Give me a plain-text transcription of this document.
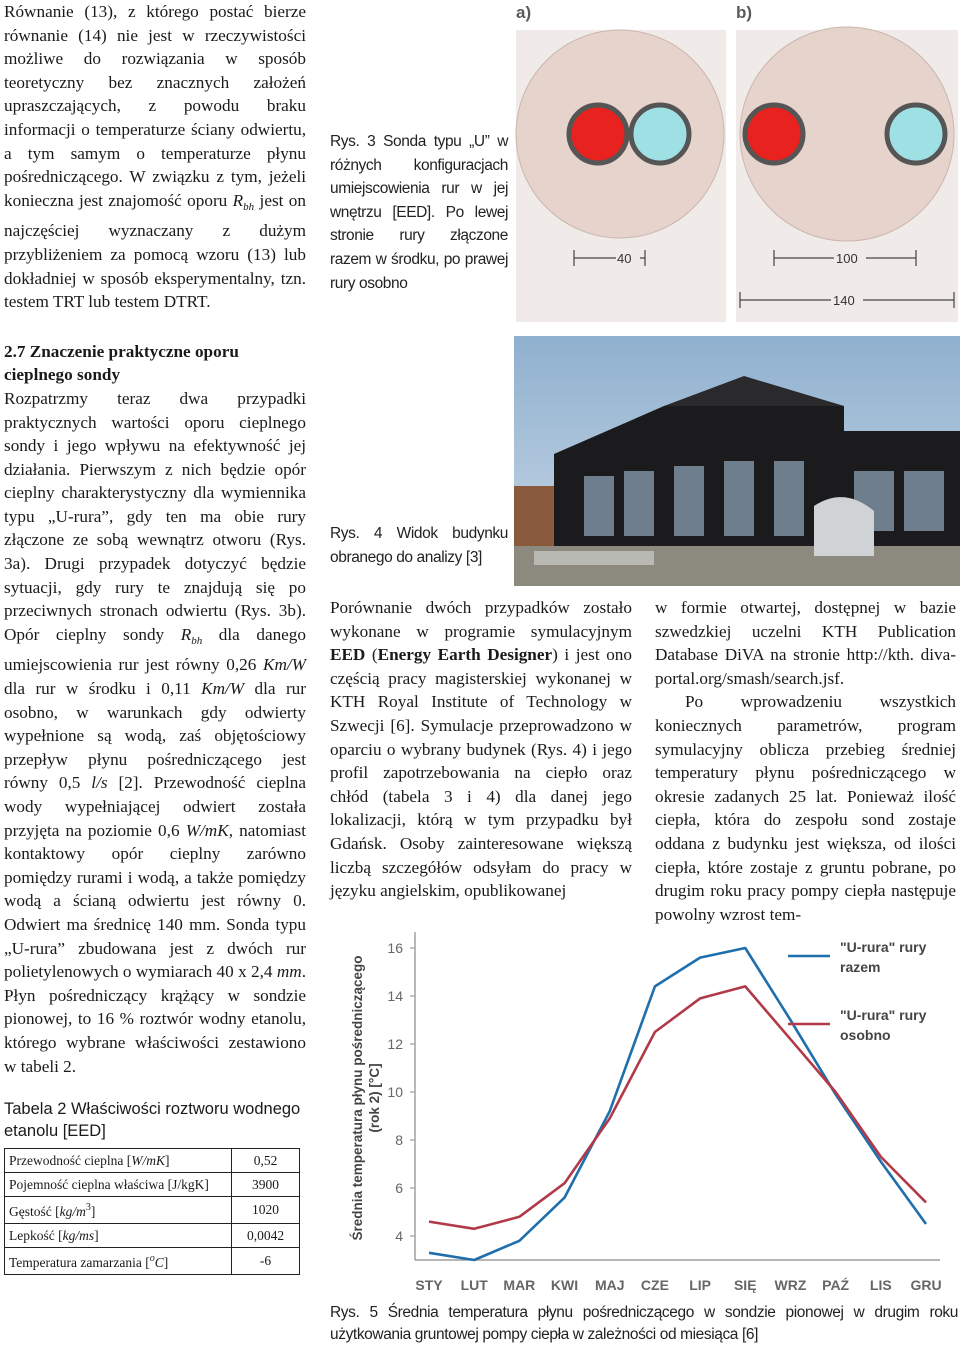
Równanie (13), z którego postać bierze równanie (14) nie jest w rzeczywistości możliwe do rozwiązania w sposób teoretyczny bez znacznych założeń upraszczających, z powodu braku informacji o temperaturze ściany odwiertu, a tym samym o temperaturze płynu pośredniczącego. W związku z tym, jeżeli konieczna jest znajomość oporu $R_{bh}$ jest on najczęściej wyznaczany z dużym przybliżeniem za pomocą wzoru (13) lub dokładniej w sposób eksperymentalny, tzn. testem TRT lub testem DTRT.
2.7 Znaczenie praktyczne oporu cieplnego sondy
Rozpatrzmy teraz dwa przypadki praktycznych wartości oporu cieplnego sondy i jego wpływu na efektywność jej działania. Pierwszym z nich będzie opór cieplny charakterystyczny dla wymiennika typu „U-rura”, gdy ten ma obie rury złączone ze sobą wewnątrz otworu (Rys. 3a). Drugi przypadek dotyczyć będzie sytuacji, gdy rury te znajdują się po przeciwnych stronach odwiertu (Rys. 3b). Opór cieplny sondy $R_{bh}$ dla danego umiejscowienia rur jest równy 0,26 Km/W dla rur w środku i 0,11 Km/W dla rur osobno, w warunkach gdy odwierty wypełnione są wodą, zaś objętościowy przepływ płynu pośredniczącego jest równy 0,5 l/s [2]. Przewodność cieplna wody wypełniającej odwiert została przyjęta na poziomie 0,6 W/mK, natomiast kontaktowy opór cieplny zarówno pomiędzy rurami i wodą, a także pomiędzy wodą a ścianą odwiertu jest równy 0. Odwiert ma średnicę 140 mm. Sonda typu „U-rura” zbudowana jest z dwóch rur polietylenowych o wymiarach 40 x 2,4 mm. Płyn pośredniczący krążący w sondzie pionowej, to 16 % roztwór wodny etanolu, którego wybrane właściwości zestawiono w tabeli 2.
Tabela 2 Właściwości roztworu wodnego etanolu [EED]
Przewodność cieplna [W/mK]	0,52
Pojemność cieplna właściwa [J/kgK]	3900
Gęstość $[kg/m^3]$	1020
Lepkość [kg/ms]	0,0042
Temperatura zamarzania [$^o$C]	-6
Rys. 3 Sonda typu „U” w różnych konfiguracjach umiejscowienia rur w jej wnętrzu [EED]. Po lewej stronie rury złączone razem w środku, po prawej rury osobno
a)	b)
40	100
140
Rys. 4 Widok budynku obranego do analizy [3]
Porównanie dwóch przypadków zostało wykonane w programie symulacyjnym EED (Energy Earth Designer) i jest ono częścią pracy magisterskiej wykonanej w KTH Royal Institute of Technology w Szwecji [6]. Symulacje przeprowadzono w oparciu o wybrany budynek (Rys. 4) i jego profil zapotrzebowania na ciepło oraz chłód (tabela 3 i 4) dla danej jego lokalizacji, którą w tym przypadku był Gdańsk. Osoby zainteresowane większą liczbą szczegółów odsyłam do pracy w języku angielskim, opublikowanej

w formie otwartej, dostępnej w bazie szwedzkiej uczelni KTH Publication Database DiVA na stronie http://kth. diva-portal.org/smash/search.jsf.

Po wprowadzeniu wszystkich koniecznych parametrów, program symulacyjny oblicza przebieg średniej temperatury płynu pośredniczącego w okresie zadanych 25 lat. Ponieważ ilość ciepła, która do zespołu sond zostaje oddana z budynku jest większa, od ilości ciepła, które zostaje z gruntu pobrane, po drugim roku pracy pompy ciepła następuje powolny wzrost tem-

4
6
8
10
12
14
16
STY LUT MAR KWI MAJ CZE LIP SIĘ WRZ PAŹ LIS GRU
Średnia temperatura płynu pośredniczącego (rok 2) [°C]
"U-rura" rury razem
"U-rura" rury osobno
Rys. 5 Średnia temperatura płynu pośredniczącego w sondzie pionowej w drugim roku użytkowania gruntowej pompy ciepła w zależności od miesiąca [6]
